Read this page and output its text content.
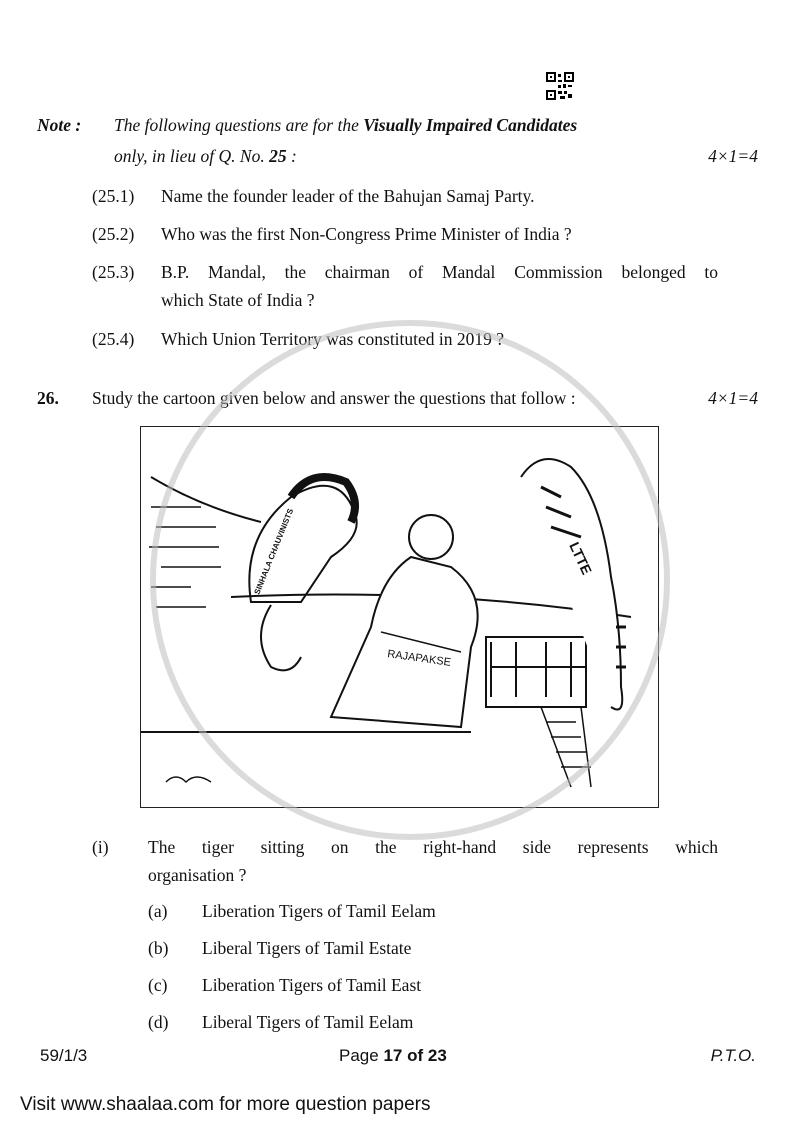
Note : The following questions are for the Visually Impaired Candidates
only, in lieu of Q. No. 25 :	4×1=4
(25.1) Name the founder leader of the Bahujan Samaj Party.
(25.2) Who was the first Non-Congress Prime Minister of India ?
(25.3) B.P. Mandal, the chairman of Mandal Commission belonged to
which State of India ?
(25.4) Which Union Territory was constituted in 2019 ?
26. Study the cartoon given below and answer the questions that follow :	4×1=4
SINHALA CHAUVINISTS
RAJAPAKSE
LTTE
(i) The tiger sitting on the right-hand side represents which
organisation ?
(a) Liberation Tigers of Tamil Eelam
(b) Liberal Tigers of Tamil Estate
(c) Liberation Tigers of Tamil East
(d) Liberal Tigers of Tamil Eelam
59/1/3	Page 17 of 23	P.T.O.
Visit www.shaalaa.com for more question papers
